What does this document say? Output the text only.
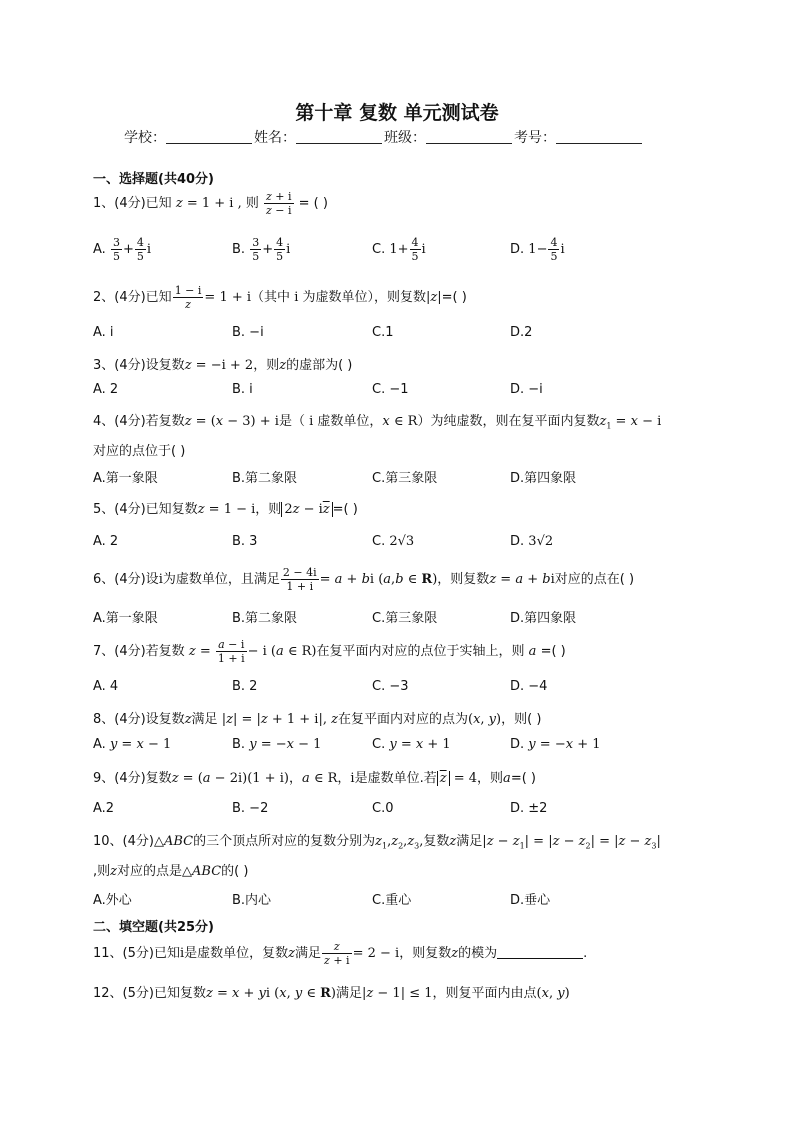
第十章 复数 单元测试卷
学校：	姓名：	班级：	考号：
一、选择题(共40分)
1、(4分)已知 z = 1 + i , 则 $\frac{z + i}{z - i}$ = ( )
A. $\frac{3}{5} + \frac{4}{5}$ i	B. $\frac{3}{5} + \frac{4}{5}$ i	C. $1+ \frac{4}{5}$ i	D. $1- \frac{4}{5}$ i
2、(4分)已知 $\frac{1 - i}{z} = 1 + i$（其中 i 为虚数单位），则复数|z|=( )
A. i	B. −i	C.1	D.2
3、(4分)设复数z = −i + 2，则z的虚部为( )
A. 2	B. i	C. −1	D. −i
4、(4分)若复数z = (x − 3) + i是（ i 虚数单位，x ∈ R）为纯虚数，则在复平面内复数$z_1 = x - i$
对应的点位于( )
A.第一象限	B.第二象限	C.第三象限	D.第四象限
5、(4分)已知复数z = 1 − i，则 $2z - i\overline{z}$ =( )
A. 2	B. 3	C. 2√3	D. 3√2
6、(4分)设i为虚数单位，且满足 $\frac{2 - 4i}{1 + i} = a$ + bi (a,b ∈ R)，则复数z = a + bi对应的点在( )
A.第一象限	B.第二象限	C.第三象限	D.第四象限
7、(4分)若复数 $z = \frac{a - i}{1 + i} - i$ (a ∈ R)在复平面内对应的点位于实轴上，则 a =( )
A. 4	B. 2	C. −3	D. −4
8、(4分)设复数z满足 |z| = |z + 1 + i|, z在复平面内对应的点为(x, y)，则( )
A. y = x − 1	B. y = −x − 1	C. y = x + 1	D. y = −x + 1
9、(4分)复数z = (a − 2i)(1 + i)，a ∈ R，i是虚数单位.若 $\overline{z} = 4$，则a=( )
A.2	B. −2	C.0	D. ±2
10、(4分)△ABC的三个顶点所对应的复数分别为$z_1,z_2,z_3$,复数z满足$|z - z_1| = |z - z_2| = |z - z_3|$
,则z对应的点是△ABC的( )
A.外心	B.内心	C.重心	D.垂心
二、填空题(共25分)
11、(5分)已知i是虚数单位，复数z满足 $\frac{z}{z + i} = 2 - i$，则复数z的模为	.
12、(5分)已知复数z = x + yi (x, y ∈ R)满足|z − 1| ≤ 1，则复平面内由点(x, y)
